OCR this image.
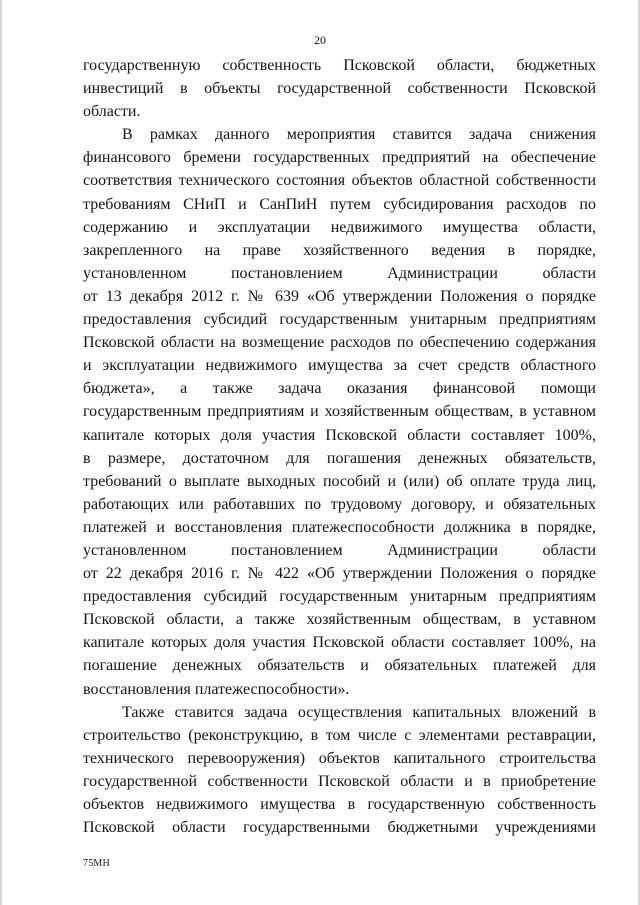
20

государственную собственность Псковской области, бюджетных
инвестиций в объекты государственной собственности Псковской
области.

В рамках данного мероприятия ставится задача снижения
финансового бремени государственных предприятий на обеспечение
соответствия технического состояния объектов областной собственности
требованиям СНиП и СанПиН путем субсидирования расходов по
содержанию и эксплуатации недвижимого имущества области,
закрепленного на праве хозяйственного ведения в порядке,
установленном постановлением Администрации области
от 13 декабря 2012 г. № 639 «Об утверждении Положения о порядке
предоставления субсидий государственным унитарным предприятиям
Псковской области на возмещение расходов по обеспечению содержания
и эксплуатации недвижимого имущества за счет средств областного
бюджета», а также задача оказания финансовой помощи
государственным предприятиям и хозяйственным обществам, в уставном
капитале которых доля участия Псковской области составляет 100%,
в размере, достаточном для погашения денежных обязательств,
требований о выплате выходных пособий и (или) об оплате труда лиц,
работающих или работавших по трудовому договору, и обязательных
платежей и восстановления платежеспособности должника в порядке,
установленном постановлением Администрации области
от 22 декабря 2016 г. № 422 «Об утверждении Положения о порядке
предоставления субсидий государственным унитарным предприятиям
Псковской области, а также хозяйственным обществам, в уставном
капитале которых доля участия Псковской области составляет 100%, на
погашение денежных обязательств и обязательных платежей для
восстановления платежеспособности».

Также ставится задача осуществления капитальных вложений в
строительство (реконструкцию, в том числе с элементами реставрации,
технического перевооружения) объектов капитального строительства
государственной собственности Псковской области и в приобретение
объектов недвижимого имущества в государственную собственность
Псковской области государственными бюджетными учреждениями

75МН
